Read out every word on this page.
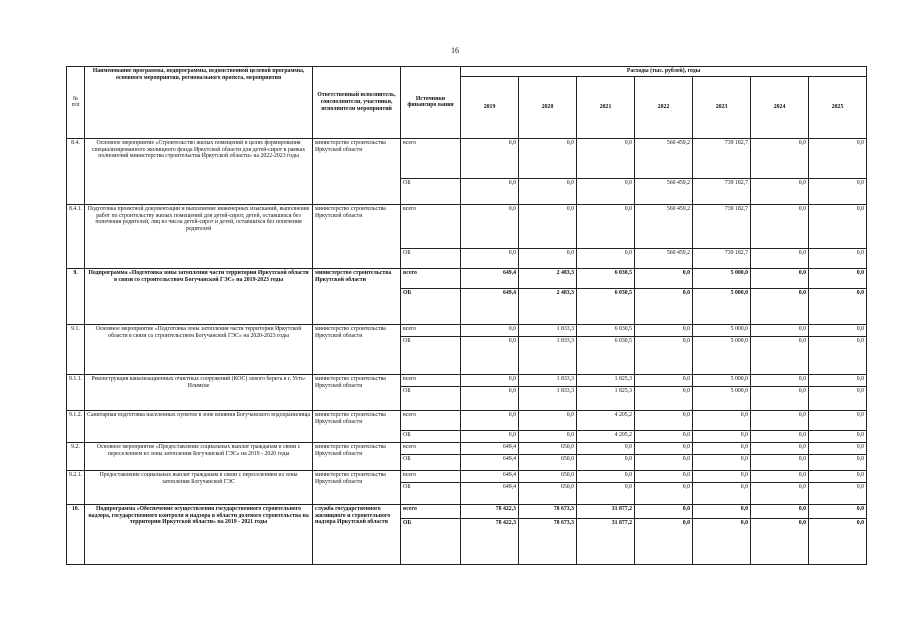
16
№
п/п	Наименование программы, подпрограммы, ведомственной целевой программы, основного мероприятия, регионального проекта, мероприятия	Ответственный исполнитель, соисполнители, участники, исполнители мероприятий	Источники финансиро вания	Расходы (тыс. рублей), годы						
				2019	2020	2021	2022	2023	2024	2025
8.4.	Основное мероприятие «Строительство жилых помещений в целях формирования специализированного жилищного фонда Иркутской области для детей-сирот в рамках полномочий министерства строительства Иркутской области» на 2022-2023 годы	министерство строительства Иркутской области	всего	0,0	0,0	0,0	560 459,2	739 182,7	0,0	0,0
			ОБ	0,0	0,0	0,0	560 459,2	739 182,7	0,0	0,0
8.4.1.	Подготовка проектной документации и выполнение инженерных изысканий, выполнение работ по строительству жилых помещений для детей-сирот, детей, оставшихся без попечения родителей, лиц из числа детей-сирот и детей, оставшихся без попечения родителей	министерство строительства Иркутской области	всего	0,0	0,0	0,0	560 459,2	739 182,7	0,0	0,0
			ОБ	0,0	0,0	0,0	560 459,2	739 182,7	0,0	0,0
9.	Подпрограмма «Подготовка зоны затопления части территории Иркутской области в связи со строительством Богучанской ГЭС» на 2019-2023 годы	министерство строительства Иркутской области	всего	649,4	2 483,3	6 030,5	0,0	5 000,0	0,0	0,0
			ОБ	649,4	2 483,3	6 030,5	0,0	5 000,0	0,0	0,0
9.1.	Основное мероприятие «Подготовка зоны затопления части территории Иркутской области в связи со строительством Богучанской ГЭС» на 2020-2023 годы	министерство строительства Иркутской области	всего	0,0	1 833,3	6 030,5	0,0	5 000,0	0,0	0,0
			ОБ	0,0	1 833,3	6 030,5	0,0	5 000,0	0,0	0,0
9.1.1.	Реконструкция канализационных очистных сооружений (КОС) левого берега в г. Усть-Илимске	министерство строительства Иркутской области	всего	0,0	1 833,3	1 825,3	0,0	5 000,0	0,0	0,0
			ОБ	0,0	1 833,3	1 825,3	0,0	5 000,0	0,0	0,0
9.1.2.	Санитарная подготовка населенных пунктов в зоне влияния Богучанского водохранилища	министерство строительства Иркутской области	всего	0,0	0,0	4 205,2	0,0	0,0	0,0	0,0
			ОБ	0,0	0,0	4 205,2	0,0	0,0	0,0	0,0
9.2.	Основное мероприятие «Предоставление социальных выплат гражданам в связи с переселением из зоны затопления Богучанской ГЭС» на 2019 - 2020 годы	министерство строительства Иркутской области	всего	649,4	650,0	0,0	0,0	0,0	0,0	0,0
			ОБ	649,4	650,0	0,0	0,0	0,0	0,0	0,0
9.2.1.	Предоставление социальных выплат гражданам в связи с переселением из зоны затопления Богучанской ГЭС	министерство строительства Иркутской области	всего	649,4	650,0	0,0	0,0	0,0	0,0	0,0
			ОБ	649,4	650,0	0,0	0,0	0,0	0,0	0,0
10.	Подпрограмма «Обеспечение осуществления государственного строительного надзора, государственного контроля и надзора в области долевого строительства на территории Иркутской области» на 2019 - 2021 годы	служба государственного жилищного и строительного надзора Иркутской области	всего	78 422,3	78 673,3	31 877,2	0,0	0,0	0,0	0,0
			ОБ	78 422,3	78 673,3	31 877,2	0,0	0,0	0,0	0,0
